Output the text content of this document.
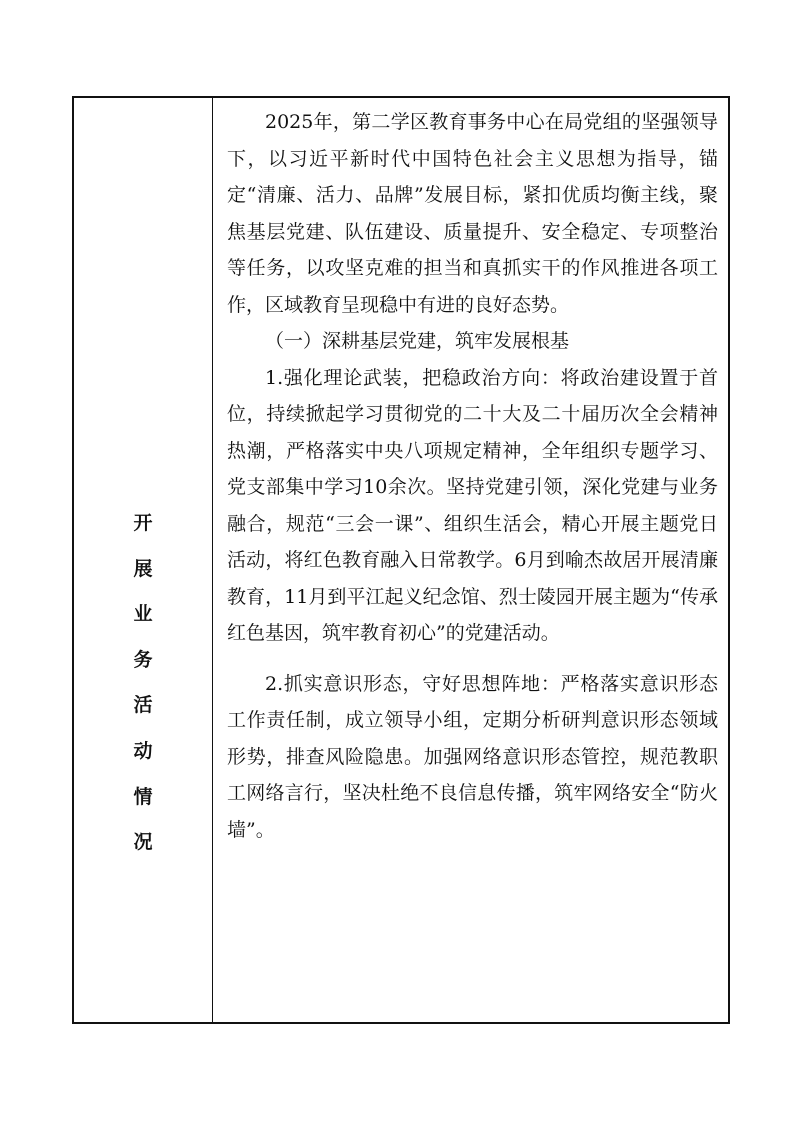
开展业务活动情况

2025年，第二学区教育事务中心在局党组的坚强领导下，以习近平新时代中国特色社会主义思想为指导，锚定“清廉、活力、品牌”发展目标，紧扣优质均衡主线，聚焦基层党建、队伍建设、质量提升、安全稳定、专项整治等任务，以攻坚克难的担当和真抓实干的作风推进各项工作，区域教育呈现稳中有进的良好态势。

（一）深耕基层党建，筑牢发展根基

1.强化理论武装，把稳政治方向：将政治建设置于首位，持续掀起学习贯彻党的二十大及二十届历次全会精神热潮，严格落实中央八项规定精神，全年组织专题学习、党支部集中学习10余次。坚持党建引领，深化党建与业务融合，规范“三会一课”、组织生活会，精心开展主题党日活动，将红色教育融入日常教学。6月到喻杰故居开展清廉教育，11月到平江起义纪念馆、烈士陵园开展主题为“传承红色基因，筑牢教育初心”的党建活动。

2.抓实意识形态，守好思想阵地：严格落实意识形态工作责任制，成立领导小组，定期分析研判意识形态领域形势，排查风险隐患。加强网络意识形态管控，规范教职工网络言行，坚决杜绝不良信息传播，筑牢网络安全“防火墙”。
